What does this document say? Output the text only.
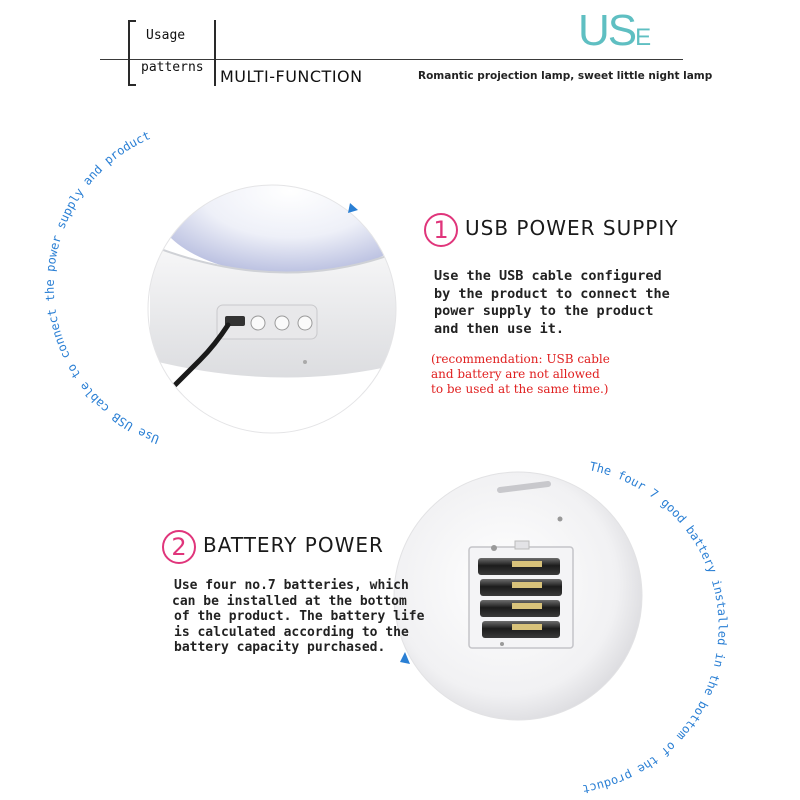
Usage
patterns MULTI-FUNCTION	Romantic projection lamp, sweet little night lamp
USE
Use USB cable to connect the power supply and product
The four 7 good battery installed in the bottom of the product
1 USB POWER SUPPIY
Use the USB cable configured
by the product to connect the
power supply to the product
and then use it.
(recommendation: USB cable
and battery are not allowed
to be used at the same time.)
2 BATTERY POWER
Use four no.7 batteries, which
can be installed at the bottom
of the product. The battery life
is calculated according to the
battery capacity purchased.
